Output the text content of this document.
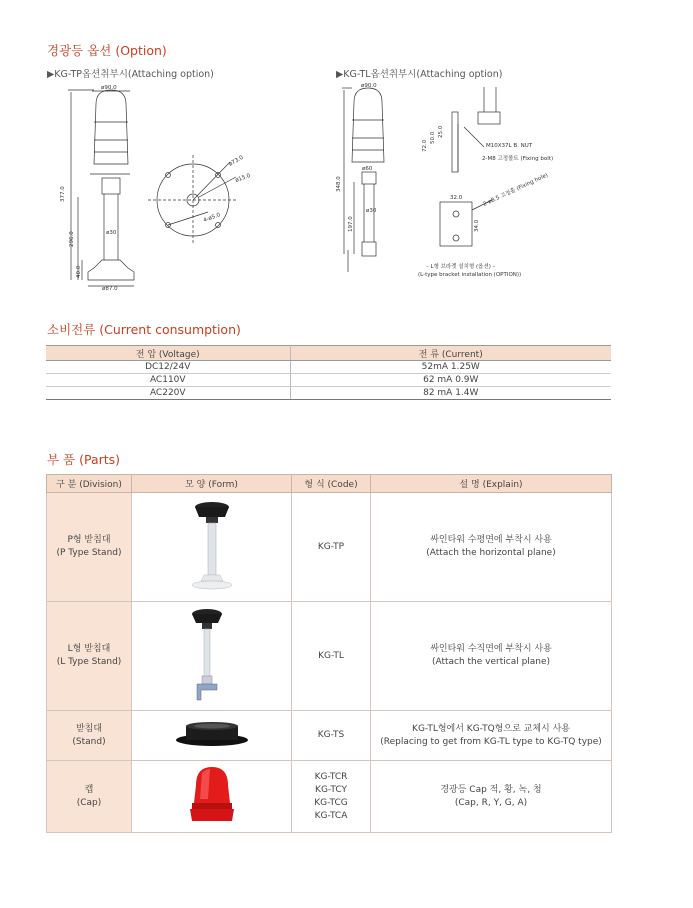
경광등 옵션 (Option)
▶KG-TP옵션취부시(Attaching option)	▶KG-TL옵션취부시(Attaching option)
ø90.0
377.0
296.0
40.0
ø30
ø87.0
ø73.0
ø15.0
4-ø5.0
ø90.0
ø60
ø30
348.0
197.0
72.0
50.0 25.0
M10X37L B. NUT
2-M8 고정볼트 (Fixing bolt)
32.0
34.0
2-ø8.5 고정홀 (Fixing hole)
– L형 브라켓 설치형 (옵션) –
(L-type bracket installation (OPTION))
소비전류 (Current consumption)
전 압 (Voltage)	전 류 (Current)
DC12/24V	52mA 1.25W
AC110V	62 mA 0.9W
AC220V	82 mA 1.4W
부 품 (Parts)
구 분 (Division)	모 양 (Form)	형 식 (Code)	설 명 (Explain)

P형 받침대
(P Type Stand)		KG-TP	싸인타워 수평면에 부착시 사용
(Attach the horizontal plane)

L형 받침대
(L Type Stand)		KG-TL	싸인타워 수직면에 부착시 사용
(Attach the vertical plane)

받침대
(Stand)		KG-TS	KG-TL형에서 KG-TQ형으로 교체시 사용
(Replacing to get from KG-TL type to KG-TQ type)

캡
(Cap)		KG-TCR
KG-TCY
KG-TCG
KG-TCA	경광등 Cap 적, 황, 녹, 청
(Cap, R, Y, G, A)
